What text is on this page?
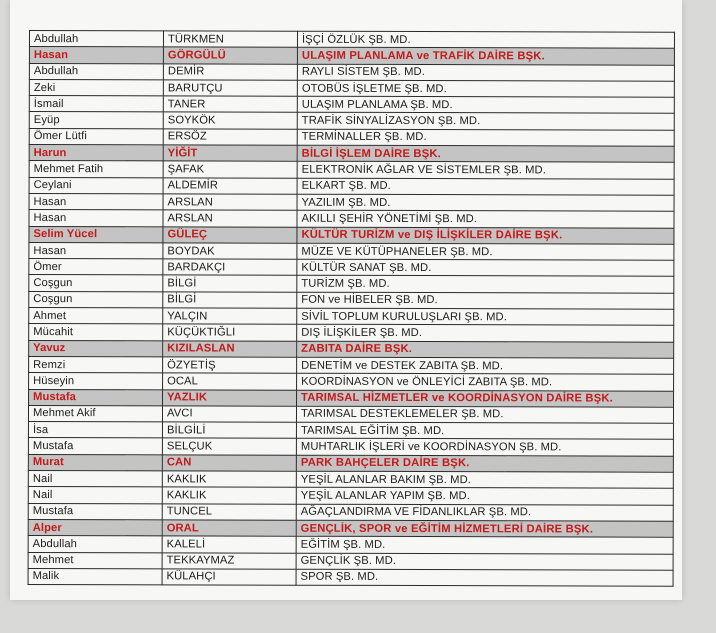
Abdullah	TÜRKMEN	İŞÇİ ÖZLÜK ŞB. MD.
Hasan	GÖRGÜLÜ	ULAŞIM PLANLAMA ve TRAFİK DAİRE BŞK.
Abdullah	DEMİR	RAYLI SİSTEM ŞB. MD.
Zeki	BARUTÇU	OTOBÜS İŞLETME ŞB. MD.
İsmail	TANER	ULAŞIM PLANLAMA ŞB. MD.
Eyüp	SOYKÖK	TRAFİK SİNYALİZASYON ŞB. MD.
Ömer Lütfi	ERSÖZ	TERMİNALLER ŞB. MD.
Harun	YİĞİT	BİLGİ İŞLEM DAİRE BŞK.
Mehmet Fatih	ŞAFAK	ELEKTRONİK AĞLAR VE SİSTEMLER ŞB. MD.
Ceylani	ALDEMİR	ELKART ŞB. MD.
Hasan	ARSLAN	YAZILIM ŞB. MD.
Hasan	ARSLAN	AKILLI ŞEHİR YÖNETİMİ ŞB. MD.
Selim Yücel	GÜLEÇ	KÜLTÜR TURİZM ve DIŞ İLİŞKİLER DAİRE BŞK.
Hasan	BOYDAK	MÜZE VE KÜTÜPHANELER ŞB. MD.
Ömer	BARDAKÇI	KÜLTÜR SANAT ŞB. MD.
Coşgun	BİLGİ	TURİZM ŞB. MD.
Coşgun	BİLGİ	FON ve HİBELER ŞB. MD.
Ahmet	YALÇIN	SİVİL TOPLUM KURULUŞLARI ŞB. MD.
Mücahit	KÜÇÜKTIĞLI	DIŞ İLİŞKİLER ŞB. MD.
Yavuz	KIZILASLAN	ZABITA DAİRE BŞK.
Remzi	ÖZYETİŞ	DENETİM ve DESTEK ZABITA ŞB. MD.
Hüseyin	OCAL	KOORDİNASYON ve ÖNLEYİCİ ZABITA ŞB. MD.
Mustafa	YAZLIK	TARIMSAL HİZMETLER ve KOORDİNASYON DAİRE BŞK.
Mehmet Akif	AVCI	TARIMSAL DESTEKLEMELER ŞB. MD.
İsa	BİLGİLİ	TARIMSAL EĞİTİM ŞB. MD.
Mustafa	SELÇUK	MUHTARLIK İŞLERİ ve KOORDİNASYON ŞB. MD.
Murat	CAN	PARK BAHÇELER DAİRE BŞK.
Nail	KAKLIK	YEŞİL ALANLAR BAKIM ŞB. MD.
Nail	KAKLIK	YEŞİL ALANLAR YAPIM ŞB. MD.
Mustafa	TUNCEL	AĞAÇLANDIRMA VE FİDANLIKLAR ŞB. MD.
Alper	ORAL	GENÇLİK, SPOR ve EĞİTİM HİZMETLERİ DAİRE BŞK.
Abdullah	KALELİ	EĞİTİM ŞB. MD.
Mehmet	TEKKAYMAZ	GENÇLİK ŞB. MD.
Malik	KÜLAHÇI	SPOR ŞB. MD.
